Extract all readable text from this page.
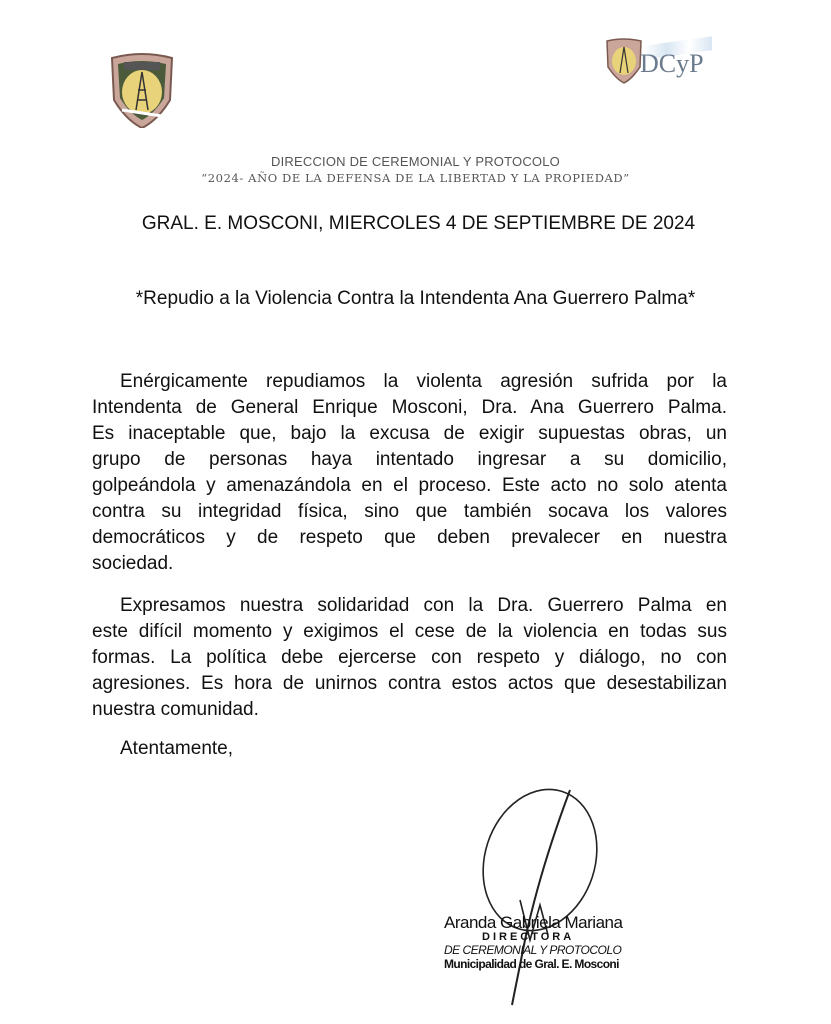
DCyP
DIRECCION DE CEREMONIAL Y PROTOCOLO
“2024- AÑO DE LA DEFENSA DE LA LIBERTAD Y LA PROPIEDAD”
GRAL. E. MOSCONI, MIERCOLES 4 DE SEPTIEMBRE DE 2024
*Repudio a la Violencia Contra la Intendenta Ana Guerrero Palma*
Enérgicamente repudiamos la violenta agresión sufrida por la
Intendenta de General Enrique Mosconi, Dra. Ana Guerrero Palma.
Es inaceptable que, bajo la excusa de exigir supuestas obras, un
grupo de personas haya intentado ingresar a su domicilio,
golpeándola y amenazándola en el proceso. Este acto no solo atenta
contra su integridad física, sino que también socava los valores
democráticos y de respeto que deben prevalecer en nuestra
sociedad.
Expresamos nuestra solidaridad con la Dra. Guerrero Palma en
este difícil momento y exigimos el cese de la violencia en todas sus
formas. La política debe ejercerse con respeto y diálogo, no con
agresiones. Es hora de unirnos contra estos actos que desestabilizan
nuestra comunidad.
Atentamente,
Aranda Gabriela Mariana
DIRECTORA
DE CEREMONIAL Y PROTOCOLO
Municipalidad de Gral. E. Mosconi
